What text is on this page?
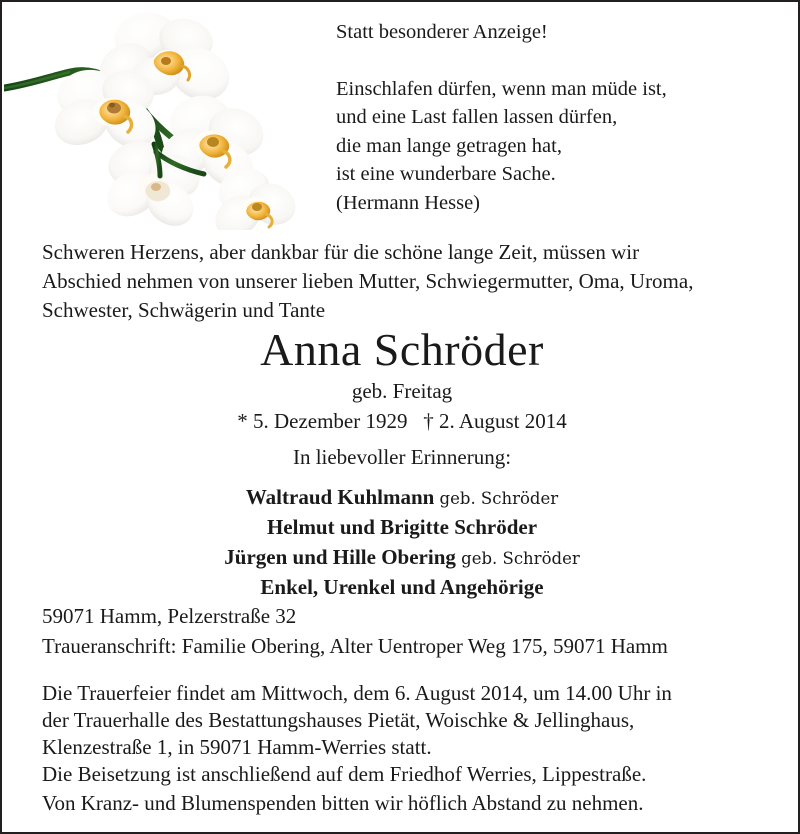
Statt besonderer Anzeige!
Einschlafen dürfen, wenn man müde ist,
und eine Last fallen lassen dürfen,
die man lange getragen hat,
ist eine wunderbare Sache.
(Hermann Hesse)
Schweren Herzens, aber dankbar für die schöne lange Zeit, müssen wir
Abschied nehmen von unserer lieben Mutter, Schwiegermutter, Oma, Uroma,
Schwester, Schwägerin und Tante
Anna Schröder
geb. Freitag
* 5. Dezember 1929   † 2. August 2014
In liebevoller Erinnerung:
Waltraud Kuhlmann geb. Schröder
Helmut und Brigitte Schröder
Jürgen und Hille Obering geb. Schröder
Enkel, Urenkel und Angehörige
59071 Hamm, Pelzerstraße 32
Traueranschrift: Familie Obering, Alter Uentroper Weg 175, 59071 Hamm
Die Trauerfeier findet am Mittwoch, dem 6. August 2014, um 14.00 Uhr in
der Trauerhalle des Bestattungshauses Pietät, Woischke & Jellinghaus,
Klenzestraße 1, in 59071 Hamm-Werries statt.
Die Beisetzung ist anschließend auf dem Friedhof Werries, Lippestraße.
Von Kranz- und Blumenspenden bitten wir höflich Abstand zu nehmen.
